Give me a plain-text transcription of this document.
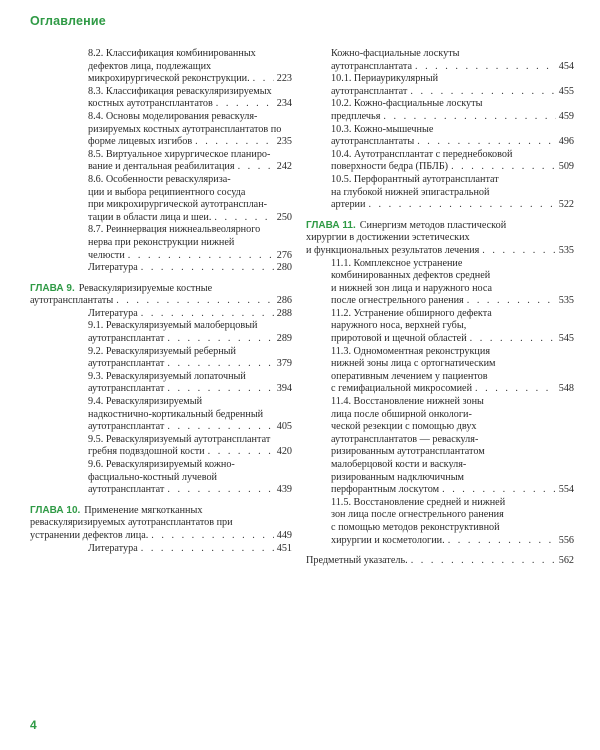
Оглавление
8.2. Классификация комбинированных
дефектов лица, подлежащих
микрохирургической реконструкции. . . .	223
8.3. Классификация реваскуляризируемых
костных аутотрансплантатов . . .	234
8.4. Основы моделирования реваскуля-
ризируемых костных аутотрансплантатов по
форме лицевых изгибов . . .	235
8.5. Виртуальное хирургическое планиро-
вание и дентальная реабилитация . . .	242
8.6. Особенности реваскуляриза-
ции и выбора реципиентного сосуда
при микрохирургической аутотрансплан-
тации в области лица и шеи. . . .	250
8.7. Реиннервация нижнеальвеолярного
нерва при реконструкции нижней
челюсти . . .	276
Литература . . .	280
ГЛАВА 9. Реваскуляризируемые костные
аутотрансплантаты . . .	286
Литература . . .	288
9.1. Реваскуляризуемый малоберцовый
аутотрансплантат . . .	289
9.2. Реваскуляризуемый реберный
аутотрансплантат . . .	379
9.3. Реваскуляризуемый лопаточный
аутотрансплантат . . .	394
9.4. Реваскуляризируемый
надкостнично-кортикальный бедренный
аутотрансплантат . . .	405
9.5. Реваскуляризуемый аутотрансплантат
гребня подвздошной кости . . .	420
9.6. Реваскуляризируемый кожно-
фасциально-костный лучевой
аутотрансплантат . . .	439
ГЛАВА 10. Применение мягкотканных
реваскуляризируемых аутотрансплантатов при
устранении дефектов лица. . . .	449
Литература . . .	451
Кожно-фасциальные лоскуты
аутотрансплантата . . .	454
10.1. Периаурикулярный
аутотрансплантат . . .	455
10.2. Кожно-фасциальные лоскуты
предплечья . . .	459
10.3. Кожно-мышечные
аутотрансплантаты . . .	496
10.4. Аутотрансплантат с переднебоковой
поверхности бедра (ПБЛБ) . . .	509
10.5. Перфорантный аутотрансплантат
на глубокой нижней эпигастральной
артерии . . .	522
ГЛАВА 11. Синергизм методов пластической
хирургии в достижении эстетических
и функциональных результатов лечения . . .	535
11.1. Комплексное устранение
комбинированных дефектов средней
и нижней зон лица и наружного носа
после огнестрельного ранения . . .	535
11.2. Устранение обширного дефекта
наружного носа, верхней губы,
приротовой и щечной областей . . .	545
11.3. Одномоментная реконструкция
нижней зоны лица с ортогнатическим
оперативным лечением у пациентов
с гемифациальной микросомией . . .	548
11.4. Восстановление нижней зоны
лица после обширной онкологи-
ческой резекции с помощью двух
аутотрансплантатов — реваскуля-
ризированным аутотрансплантатом
малоберцовой кости и васкуля-
ризированным надключичным
перфорантным лоскутом . . .	554
11.5. Восстановление средней и нижней
зон лица после огнестрельного ранения
с помощью методов реконструктивной
хирургии и косметологии. . . .	556
Предметный указатель. . . .	562
4
